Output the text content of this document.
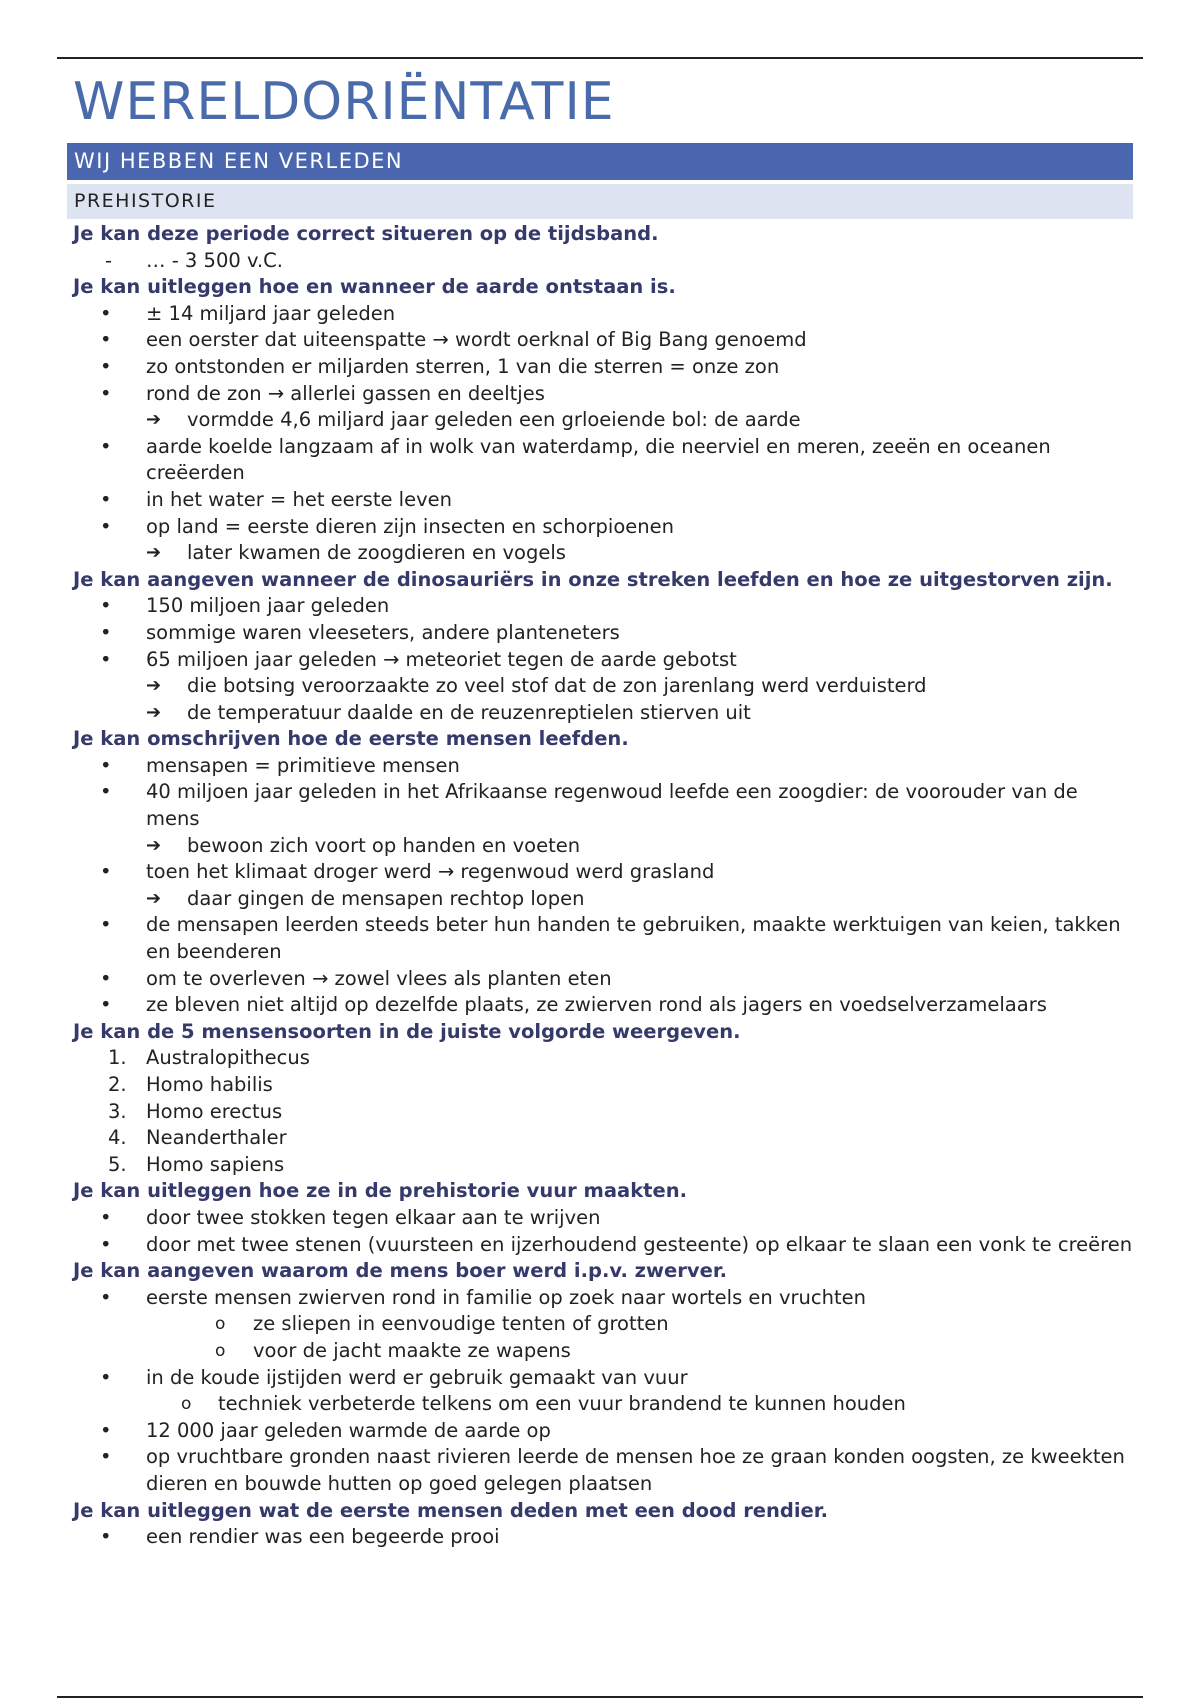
WERELDORIËNTATIE
WIJ HEBBEN EEN VERLEDEN
PREHISTORIE
Je kan deze periode correct situeren op de tijdsband.
- … - 3 500 v.C.
Je kan uitleggen hoe en wanneer de aarde ontstaan is.
• ± 14 miljard jaar geleden
• een oerster dat uiteenspatte → wordt oerknal of Big Bang genoemd
• zo ontstonden er miljarden sterren, 1 van die sterren = onze zon
• rond de zon → allerlei gassen en deeltjes
➔ vormdde 4,6 miljard jaar geleden een grloeiende bol: de aarde
• aarde koelde langzaam af in wolk van waterdamp, die neerviel en meren, zeeën en oceanen creëerden
• in het water = het eerste leven
• op land = eerste dieren zijn insecten en schorpioenen
➔ later kwamen de zoogdieren en vogels
Je kan aangeven wanneer de dinosauriërs in onze streken leefden en hoe ze uitgestorven zijn.
• 150 miljoen jaar geleden
• sommige waren vleeseters, andere planteneters
• 65 miljoen jaar geleden → meteoriet tegen de aarde gebotst
➔ die botsing veroorzaakte zo veel stof dat de zon jarenlang werd verduisterd
➔ de temperatuur daalde en de reuzenreptielen stierven uit
Je kan omschrijven hoe de eerste mensen leefden.
• mensapen = primitieve mensen
• 40 miljoen jaar geleden in het Afrikaanse regenwoud leefde een zoogdier: de voorouder van de mens
➔ bewoon zich voort op handen en voeten
• toen het klimaat droger werd → regenwoud werd grasland
➔ daar gingen de mensapen rechtop lopen
• de mensapen leerden steeds beter hun handen te gebruiken, maakte werktuigen van keien, takken en beenderen
• om te overleven → zowel vlees als planten eten
• ze bleven niet altijd op dezelfde plaats, ze zwierven rond als jagers en voedselverzamelaars
Je kan de 5 mensensoorten in de juiste volgorde weergeven.
1. Australopithecus
2. Homo habilis
3. Homo erectus
4. Neanderthaler
5. Homo sapiens
Je kan uitleggen hoe ze in de prehistorie vuur maakten.
• door twee stokken tegen elkaar aan te wrijven
• door met twee stenen (vuursteen en ijzerhoudend gesteente) op elkaar te slaan een vonk te creëren
Je kan aangeven waarom de mens boer werd i.p.v. zwerver.
• eerste mensen zwierven rond in familie op zoek naar wortels en vruchten
o ze sliepen in eenvoudige tenten of grotten
o voor de jacht maakte ze wapens
• in de koude ijstijden werd er gebruik gemaakt van vuur
o techniek verbeterde telkens om een vuur brandend te kunnen houden
• 12 000 jaar geleden warmde de aarde op
• op vruchtbare gronden naast rivieren leerde de mensen hoe ze graan konden oogsten, ze kweekten dieren en bouwde hutten op goed gelegen plaatsen
Je kan uitleggen wat de eerste mensen deden met een dood rendier.
• een rendier was een begeerde prooi
